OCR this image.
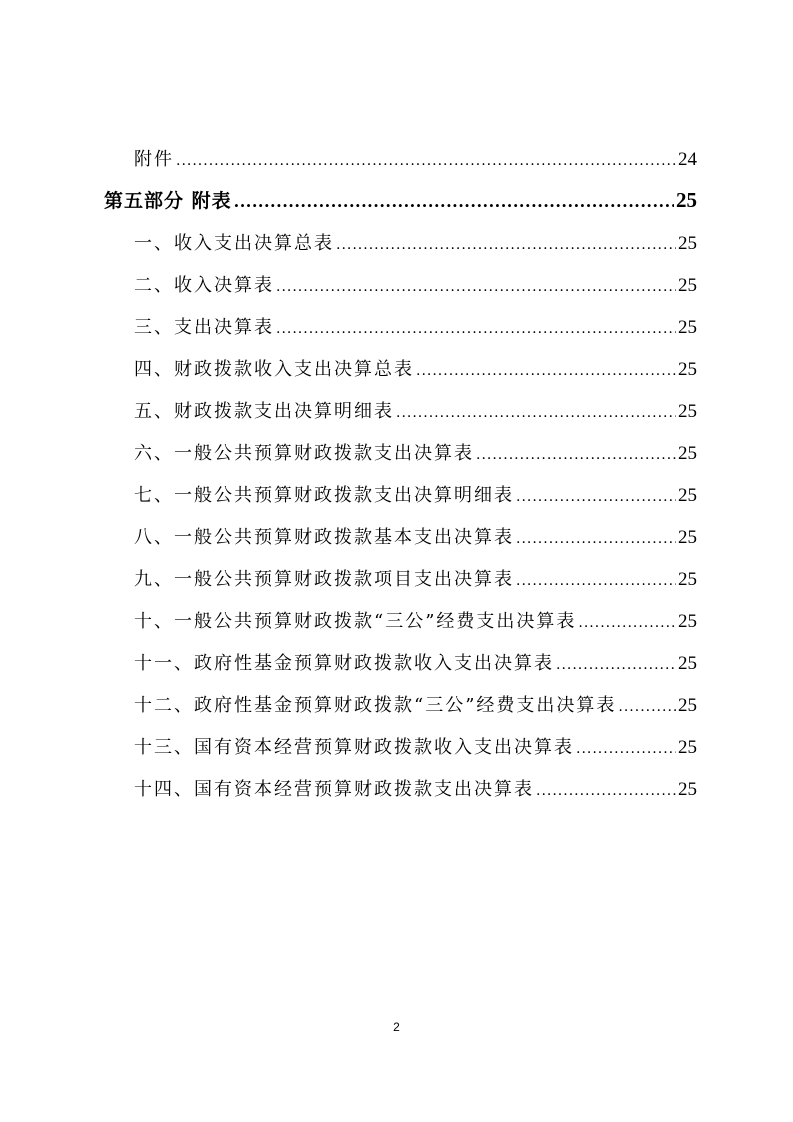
附件 .....	24
第五部分 附表 .....	25
一、收入支出决算总表 .....	25
二、收入决算表 .....	25
三、支出决算表 .....	25
四、财政拨款收入支出决算总表 .....	25
五、财政拨款支出决算明细表 .....	25
六、一般公共预算财政拨款支出决算表 .....	25
七、一般公共预算财政拨款支出决算明细表 .....	25
八、一般公共预算财政拨款基本支出决算表 .....	25
九、一般公共预算财政拨款项目支出决算表 .....	25
十、一般公共预算财政拨款“三公”经费支出决算表 .....	25
十一、政府性基金预算财政拨款收入支出决算表 .....	25
十二、政府性基金预算财政拨款“三公”经费支出决算表 .....	25
十三、国有资本经营预算财政拨款收入支出决算表 .....	25
十四、国有资本经营预算财政拨款支出决算表 .....	25
2
